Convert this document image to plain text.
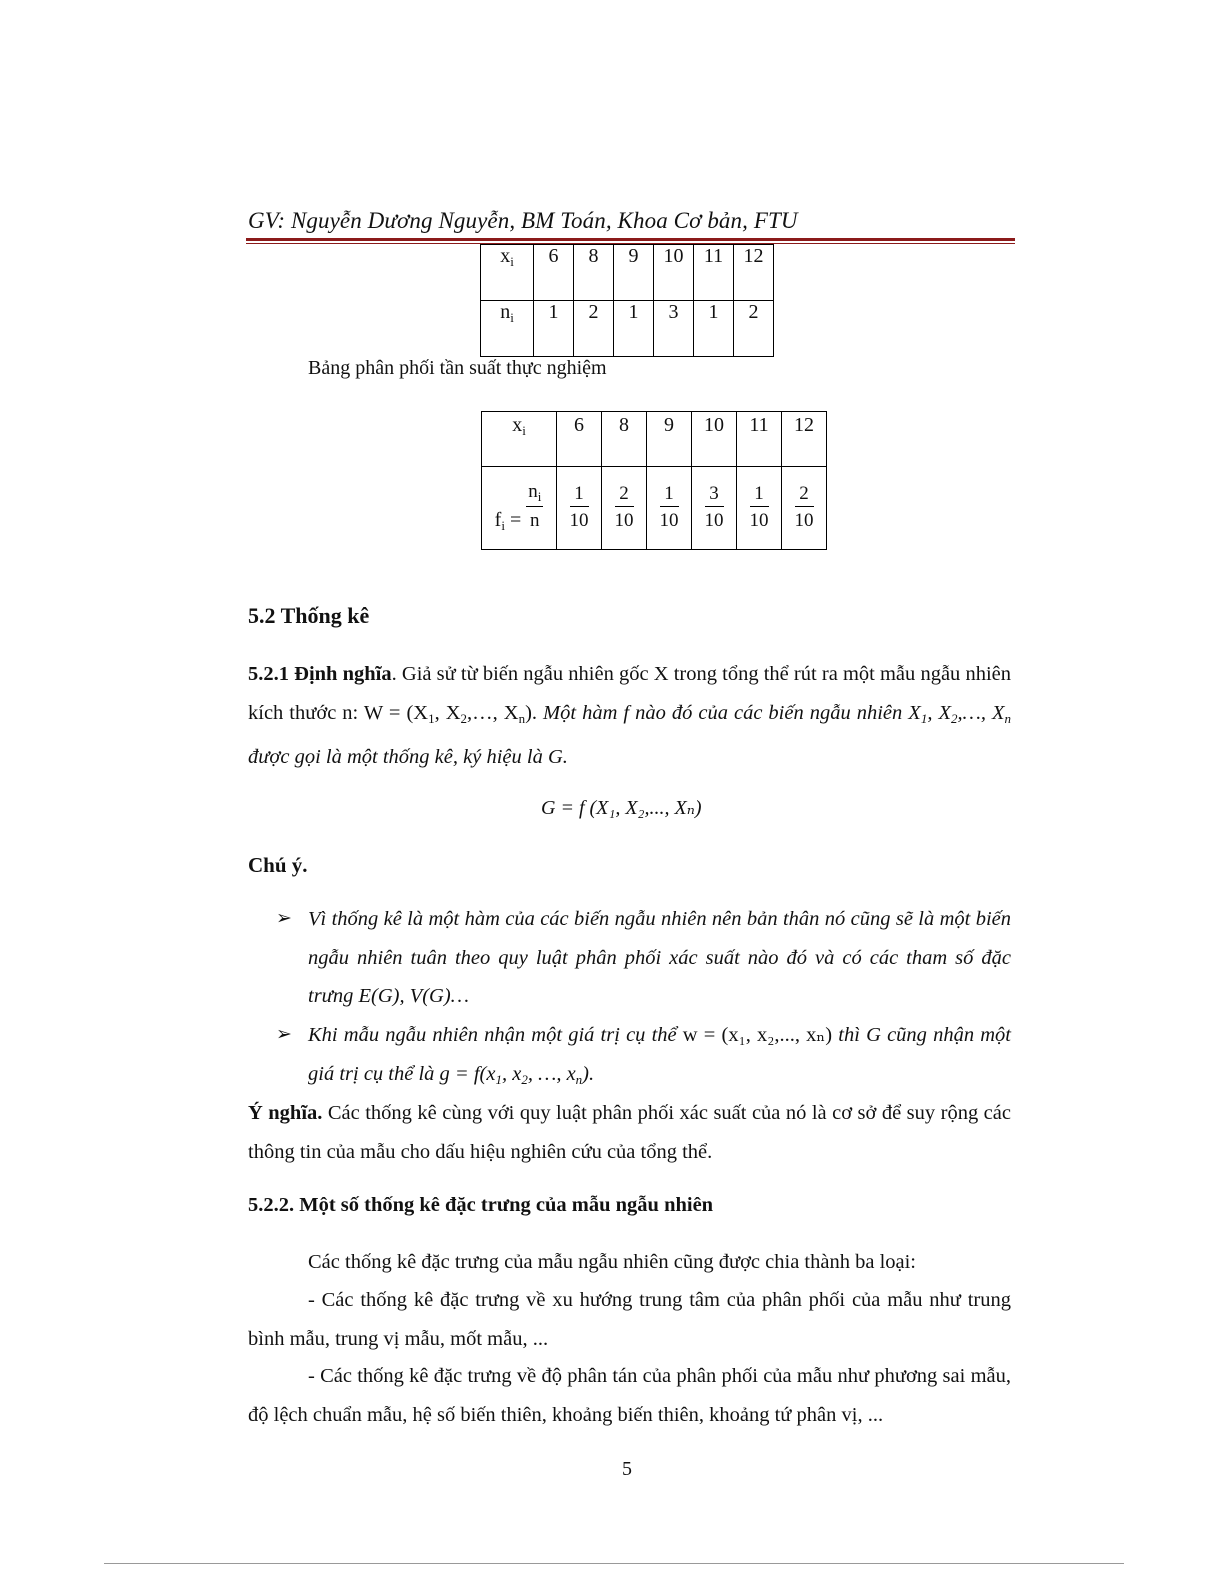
GV: Nguyễn Dương Nguyễn, BM Toán, Khoa Cơ bản, FTU
$x_i$	6	8	9	10	11	12
$n_i$	1	2	1	3	1	2
Bảng phân phối tần suất thực nghiệm
$x_i$	6	8	9	10	11	12
$f_i = \frac{n_i}{n}$	$\frac{1}{10}$	$\frac{2}{10}$	$\frac{1}{10}$	$\frac{3}{10}$	$\frac{1}{10}$	$\frac{2}{10}$
5.2 Thống kê
5.2.1 Định nghĩa. Giả sử từ biến ngẫu nhiên gốc X trong tổng thể rút ra một mẫu ngẫu nhiên kích thước n: $W = (X_1$, $X_2,\dots$, $X_n$). Một hàm f nào đó của các biến ngẫu nhiên $X_1$, $X_2,\dots$, $X_n$ được gọi là một thống kê, ký hiệu là G.
G = f (X₁, X₂,..., Xₙ)
Chú ý.
➢ Vì thống kê là một hàm của các biến ngẫu nhiên nên bản thân nó cũng sẽ là một biến ngẫu nhiên tuân theo quy luật phân phối xác suất nào đó và có các tham số đặc trưng E(G), V(G)…
➢ Khi mẫu ngẫu nhiên nhận một giá trị cụ thể w = (x₁, x₂,..., xₙ) thì G cũng nhận một giá trị cụ thể là $g = f(x_1$, $x_2$, …, $x_n$).
Ý nghĩa. Các thống kê cùng với quy luật phân phối xác suất của nó là cơ sở để suy rộng các thông tin của mẫu cho dấu hiệu nghiên cứu của tổng thể.
5.2.2. Một số thống kê đặc trưng của mẫu ngẫu nhiên
Các thống kê đặc trưng của mẫu ngẫu nhiên cũng được chia thành ba loại:
- Các thống kê đặc trưng về xu hướng trung tâm của phân phối của mẫu như trung bình mẫu, trung vị mẫu, mốt mẫu, ...
- Các thống kê đặc trưng về độ phân tán của phân phối của mẫu như phương sai mẫu, độ lệch chuẩn mẫu, hệ số biến thiên, khoảng biến thiên, khoảng tứ phân vị, ...
5
